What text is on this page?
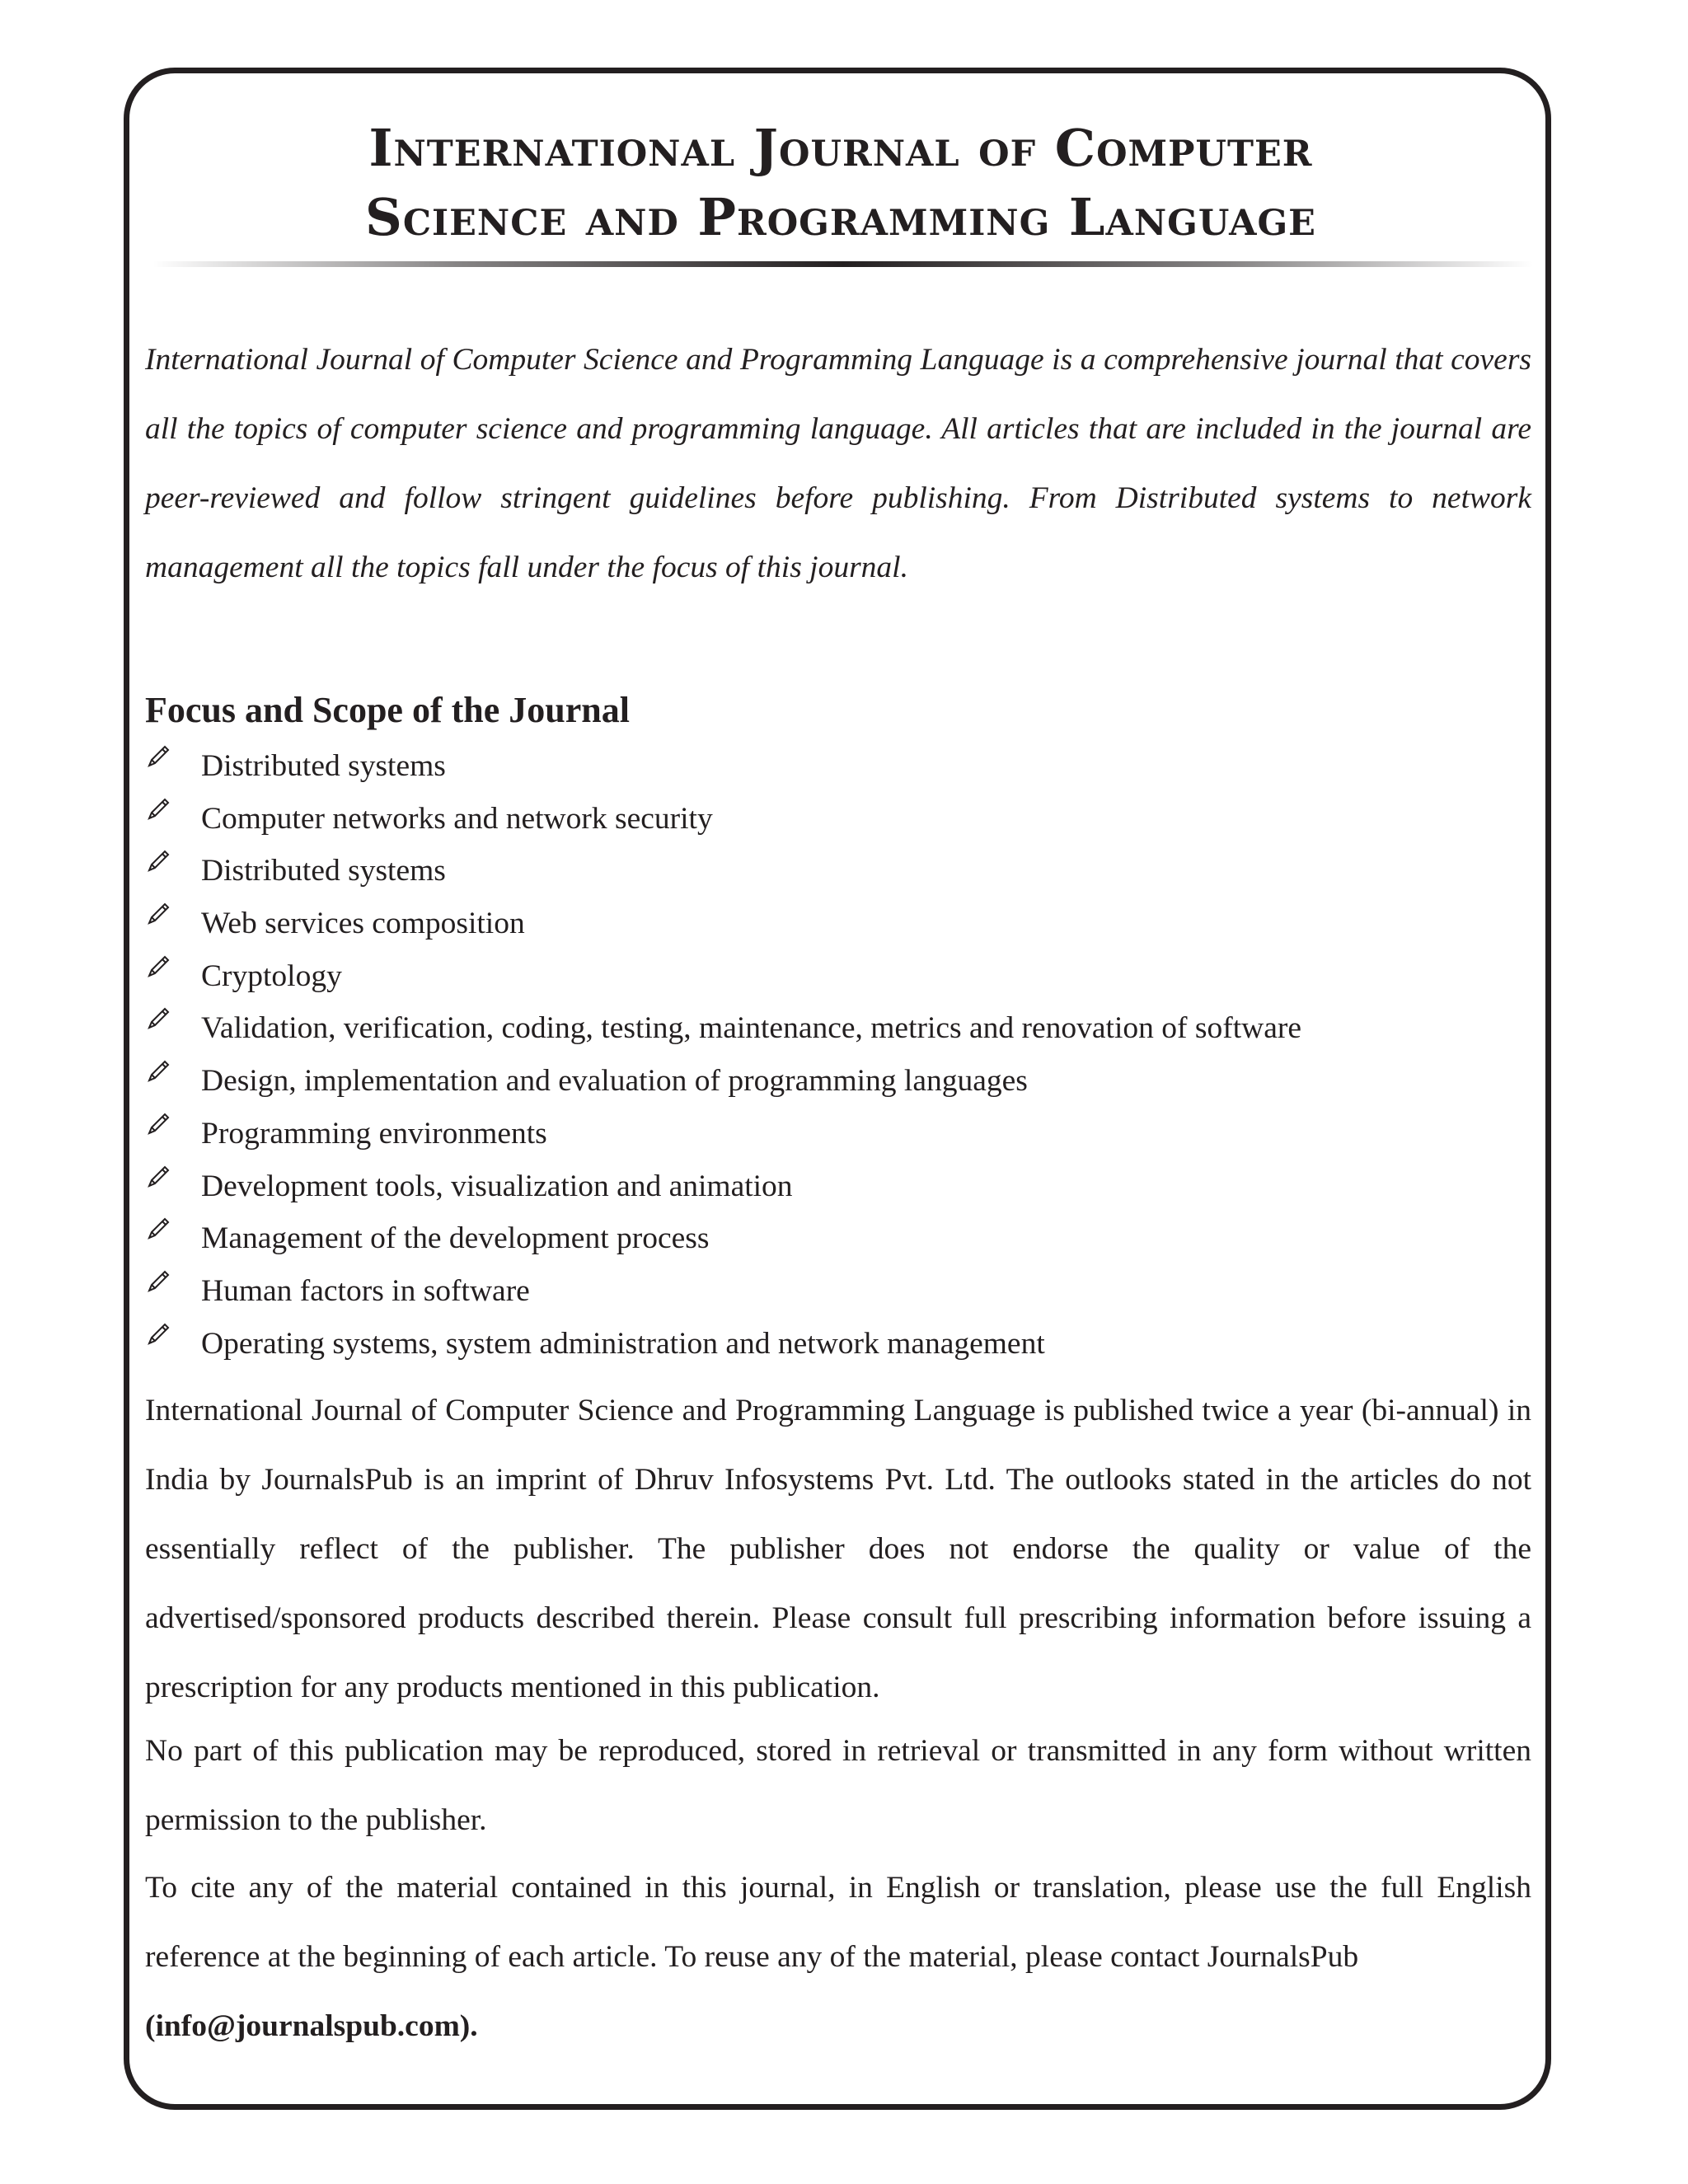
International Journal of Computer
Science and Programming Language

International Journal of Computer Science and Programming Language is a comprehensive journal that covers all the topics of computer science and programming language. All articles that are included in the journal are peer-reviewed and follow stringent guidelines before publishing. From Distributed systems to network management all the topics fall under the focus of this journal.

Focus and Scope of the Journal
Distributed systems
Computer networks and network security
Distributed systems
Web services composition
Cryptology
Validation, verification, coding, testing, maintenance, metrics and renovation of software
Design, implementation and evaluation of programming languages
Programming environments
Development tools, visualization and animation
Management of the development process
Human factors in software
Operating systems, system administration and network management

International Journal of Computer Science and Programming Language is published twice a year (bi-annual) in India by JournalsPub is an imprint of Dhruv Infosystems Pvt. Ltd. The outlooks stated in the articles do not essentially reflect of the publisher. The publisher does not endorse the quality or value of the advertised/sponsored products described therein. Please consult full prescribing information before issuing a prescription for any products mentioned in this publication.

No part of this publication may be reproduced, stored in retrieval or transmitted in any form without written permission to the publisher.

To cite any of the material contained in this journal, in English or translation, please use the full English reference at the beginning of each article. To reuse any of the material, please contact JournalsPub
(info@journalspub.com).
